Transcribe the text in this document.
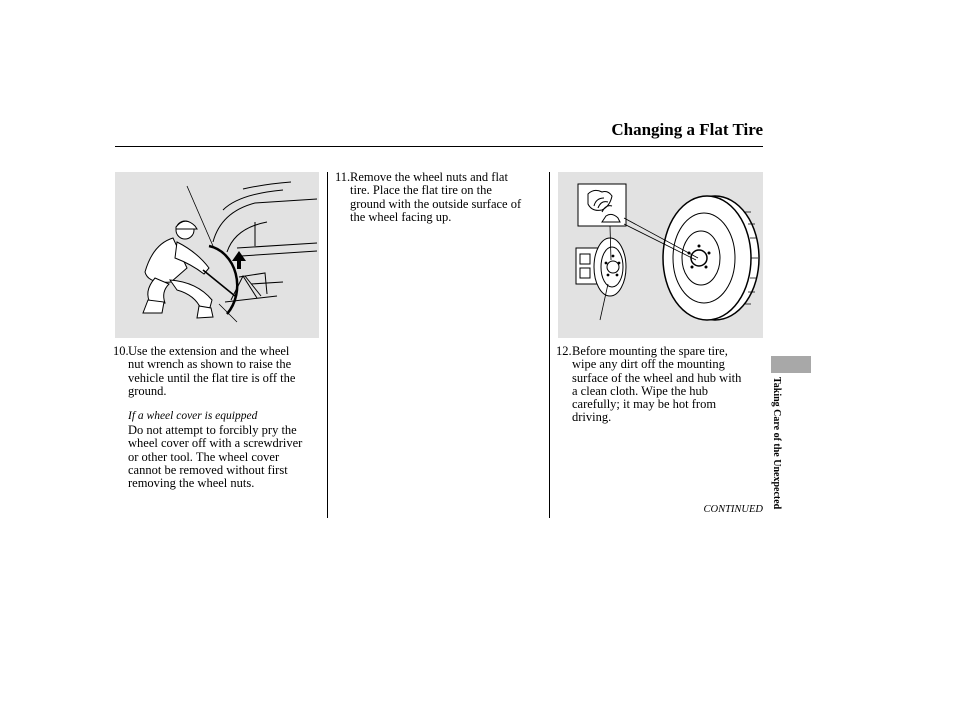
Changing a Flat Tire
10. Use the extension and the wheel
nut wrench as shown to raise the
vehicle until the flat tire is off the
ground.
If a wheel cover is equipped
Do not attempt to forcibly pry the
wheel cover off with a screwdriver
or other tool. The wheel cover
cannot be removed without first
removing the wheel nuts.
11. Remove the wheel nuts and flat
tire. Place the flat tire on the
ground with the outside surface of
the wheel facing up.
12. Before mounting the spare tire,
wipe any dirt off the mounting
surface of the wheel and hub with
a clean cloth. Wipe the hub
carefully; it may be hot from
driving.
CONTINUED
Taking Care of the Unexpected
